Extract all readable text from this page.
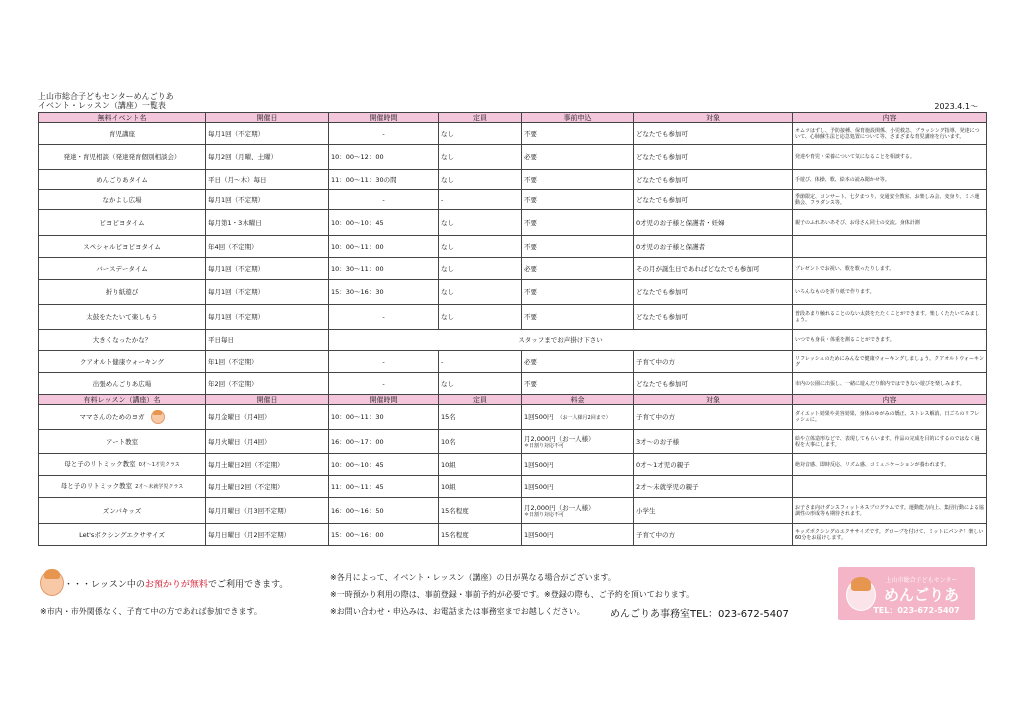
上山市総合子どもセンターめんごりあ
イベント・レッスン（講座）一覧表	2023.4.1〜
無料イベント名	開催日	開催時間	定員	事前申込	対象	内容
育児講座	毎月1回（不定期）	-	なし	不要	どなたでも参加可	オムツはずし、予防接種、保育施設関係、小児救急、ブラッシング指導、発達について、心肺蘇生法と応急処置について等、さまざまな育児講座を行います。
発達・育児相談（発達発育個別相談会）	毎月2回（月曜、土曜）	10：00〜12：00	なし	必要	どなたでも参加可	発達や育児・栄養について気になることを相談する。
めんごりあタイム	平日（月〜木）毎日	11：00〜11：30の間	なし	不要	どなたでも参加可	手遊び、体操、歌、絵本の読み聞かせ等。
なかよし広場	毎月1回（不定期）	-	-	不要	どなたでも参加可	季節限定、コンサート、七夕まつり、交通安全教室、お楽しみ会、変身り、ミニ運動会、フラダンス等。
ピヨピヨタイム	毎月第1・3木曜日	10：00〜10：45	なし	不要	0才児のお子様と保護者・妊婦	親子のふれあいあそび、お母さん同士の交流。身体計測
スペシャルピヨピヨタイム	年4回（不定期）	10：00〜11：00	なし	不要	0才児のお子様と保護者	
バースデータイム	毎月1回（不定期）	10：30〜11：00	なし	必要	その月が誕生日であればどなたでも参加可	プレゼントでお祝い、歌を歌ったりします。
折り紙遊び	毎月1回（不定期）	15：30〜16：30	なし	不要	どなたでも参加可	いろんなものを折り紙で作ります。
太鼓をたたいて楽しもう	毎月1回（不定期）	-	なし	不要	どなたでも参加可	普段あまり触れることのない太鼓をたたくことができます。楽しくたたいてみましょう。
大きくなったかな？	平日毎日	スタッフまでお声掛け下さい				いつでも身長・体重を測ることができます。
クアオルト健康ウォーキング	年1回（不定期）	-	-	必要	子育て中の方	リフレッシュのためにみんなで健康ウォーキングしましょう。クアオルトウォーキング
出張めんごりあ広場	年2回（不定期）	-	なし	不要	どなたでも参加可	市内の公園に出張し、一緒に遊んだり館内ではできない遊びを楽しみます。
有料レッスン（講座）名	開催日	開催時間	定員	料金	対象	内容
ママさんのためのヨガ	毎月金曜日（月4回）	10：00〜11：30	15名	1回500円 （お一人様月2回まで）	子育て中の方	ダイエット効果や美容効果、身体のゆがみの矯正、ストレス解消、日ごろのリフレッシュに。
アート教室	毎月火曜日（月4回）	16：00〜17：00	10名	月2,000円（お一人様）
＊日割り対応不可	3才〜のお子様	絵や立体造形などで、表現してもらいます。作品の完成を目的にするのではなく過程を大事にします。
母と子のリトミック教室 0才〜1才児クラス	毎月土曜日2回（不定期）	10：00〜10：45	10組	1回500円	0才〜1才児の親子	絶対音感、即時反応、リズム感、コミュニケーションが養われます。
母と子のリトミック教室 2才〜未就学児クラス	毎月土曜日2回（不定期）	11：00〜11：45	10組	1回500円	2才〜未就学児の親子	
ズンバキッズ	毎月月曜日（月3回不定期）	16：00〜16：50	15名程度	月2,000円（お一人様）
＊日割り対応不可	小学生	お子さま向けダンスフィットネスプログラムです。運動能力向上、集団行動による協調性の形成等も期待されます。
Let'sボクシングエクササイズ	毎月日曜日（月2回不定期）	15：00〜16：00	15名程度	1回500円	子育て中の方	キッズボクシングのエクササイズです。グローブを付けて、ミットにパンチ！楽しい60分をお届けします。
・・・レッスン中のお預かりが無料でご利用できます。
※市内・市外関係なく、子育て中の方であれば参加できます。
※各月によって、イベント・レッスン（講座）の日が異なる場合がございます。
※一時預かり利用の際は、事前登録・事前予約が必要です。※登録の際も、ご予約を頂いております。
※お問い合わせ・申込みは、お電話または事務室までお越しください。	めんごりあ事務室TEL：023-672-5407
上山市総合子どもセンター
めんごりあ
TEL：023-672-5407
